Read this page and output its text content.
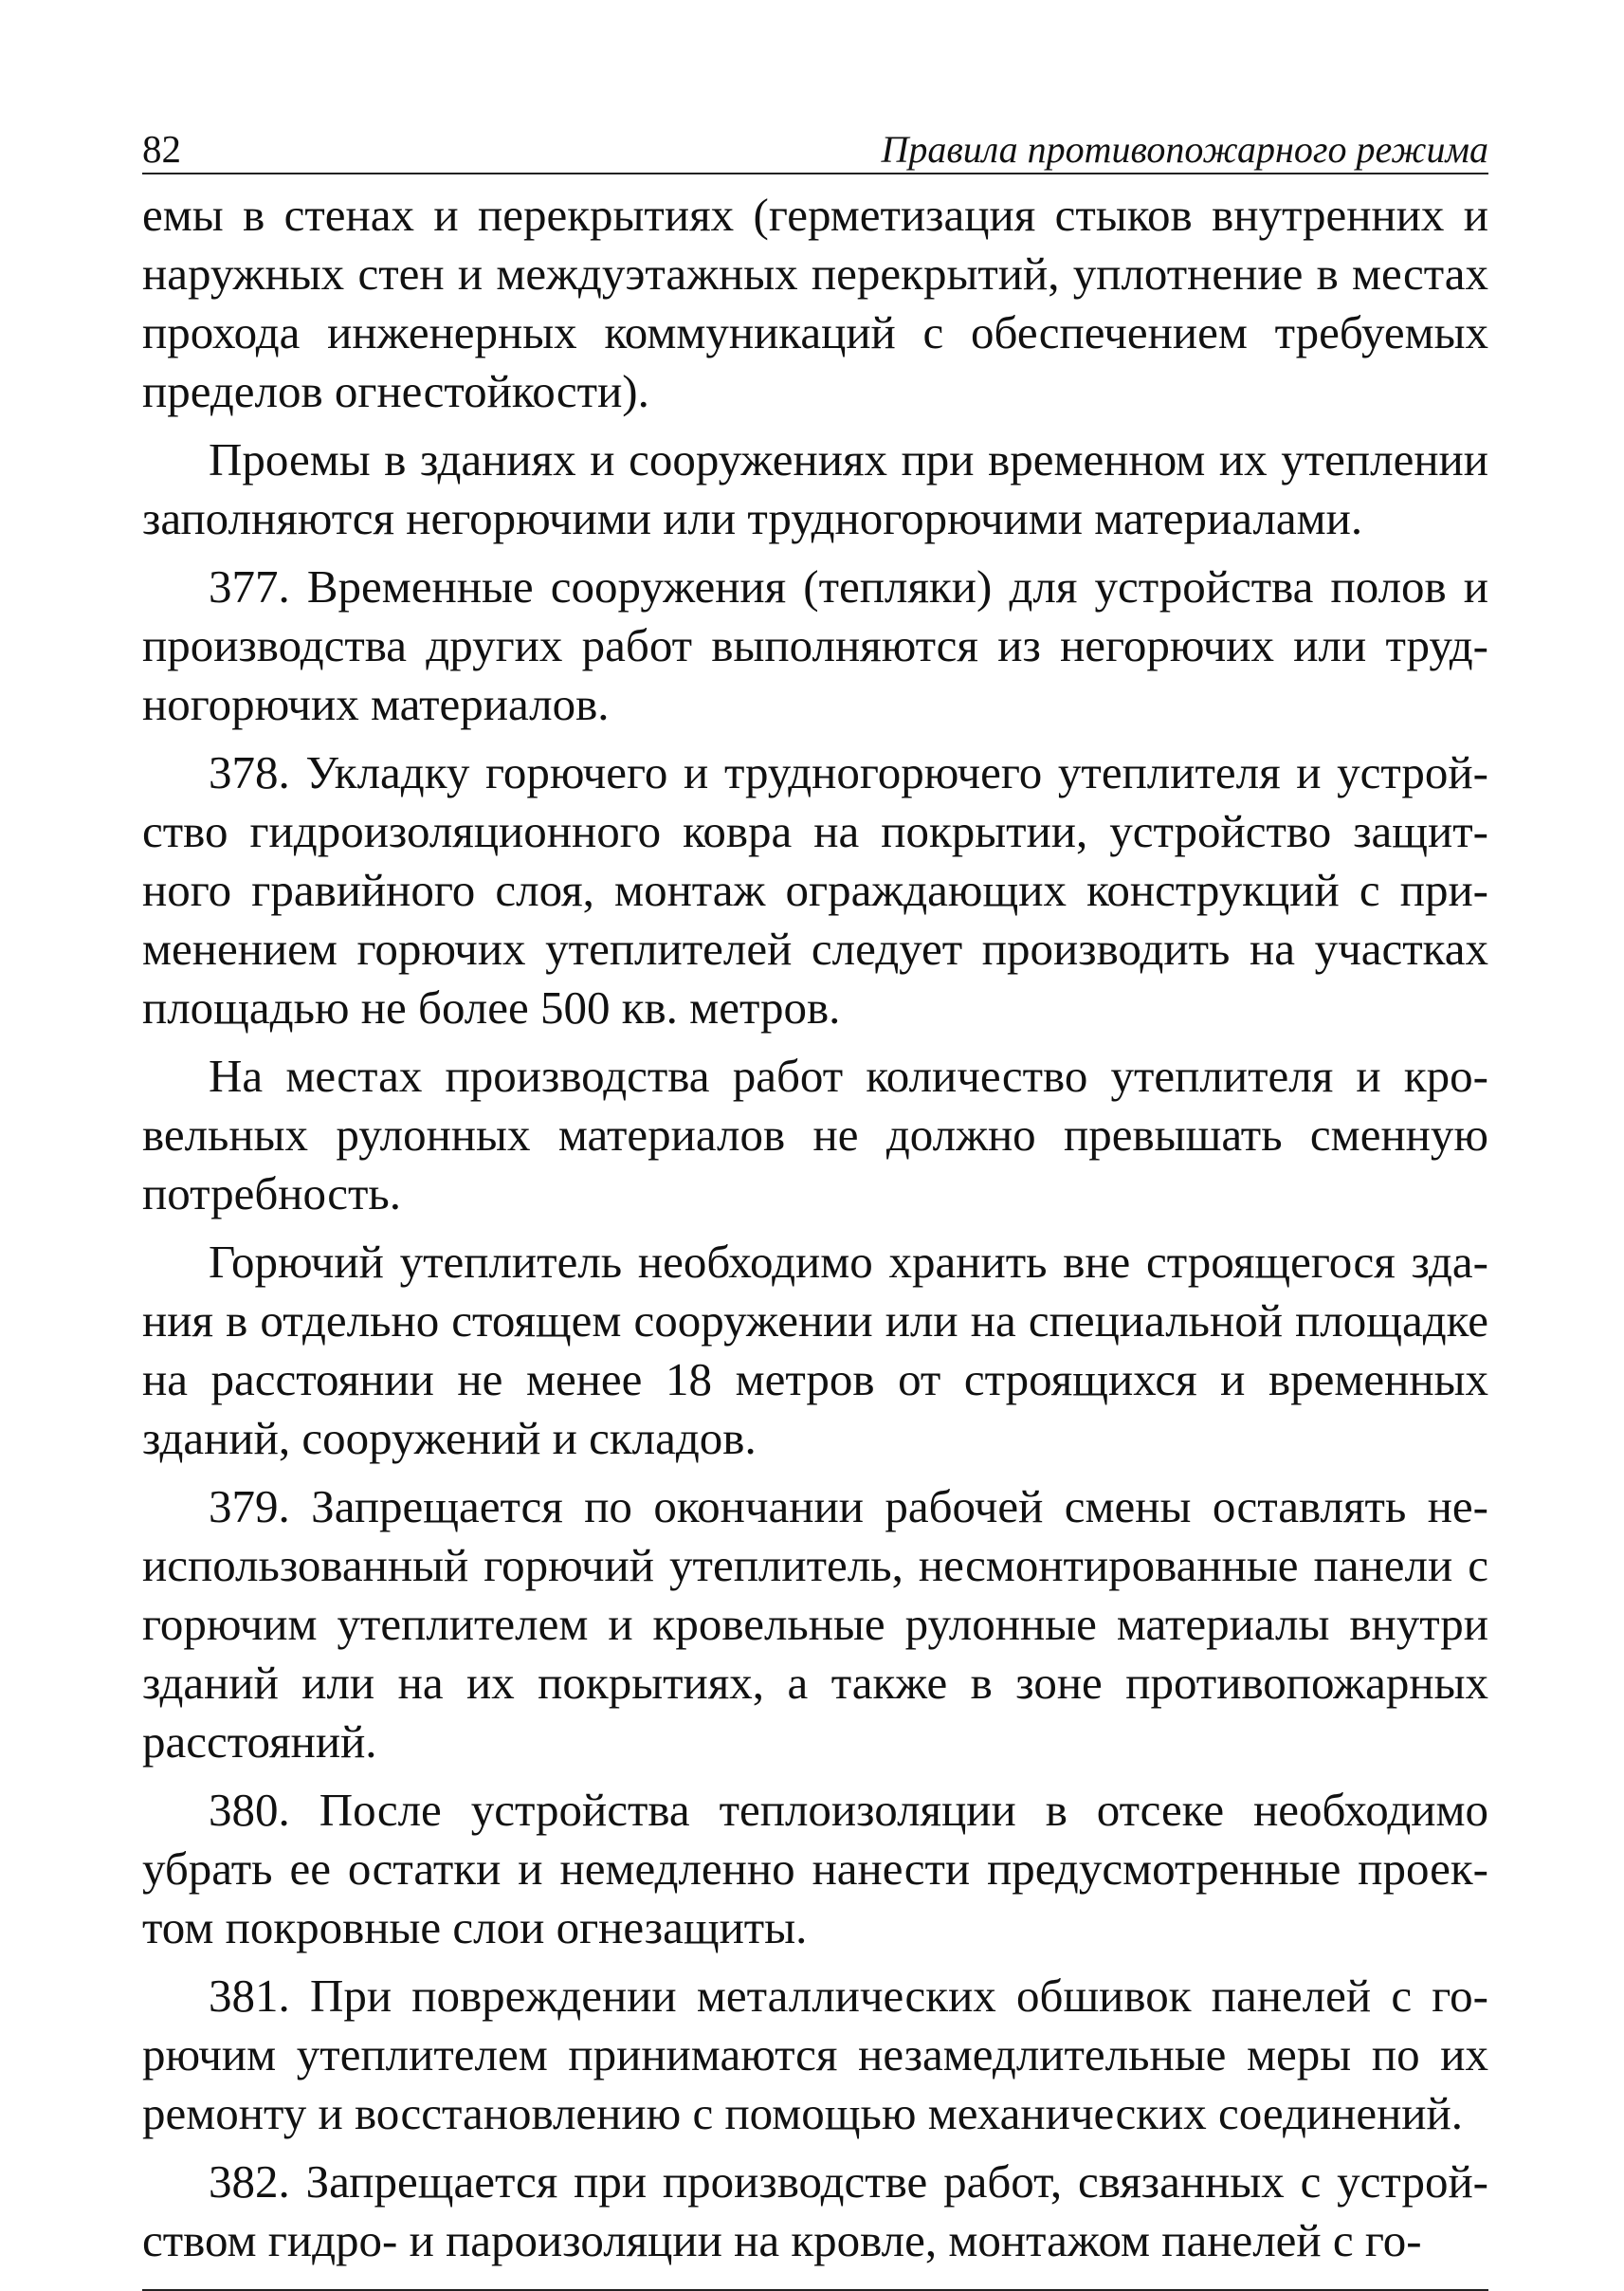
82	Правила противопожарного режима

емы в стенах и перекрытиях (герметизация стыков внутренних и наружных стен и междуэтажных перекрытий, уплотнение в местах прохода инженерных коммуникаций с обеспечением требуемых пределов огнестойкости).

Проемы в зданиях и сооружениях при временном их утеплении заполняются негорючими или трудногорючими материалами.

377. Временные сооружения (тепляки) для устройства полов и производства других работ выполняются из негорючих или трудногорючих материалов.

378. Укладку горючего и трудногорючего утеплителя и устройство гидроизоляционного ковра на покрытии, устройство защитного гравийного слоя, монтаж ограждающих конструкций с применением горючих утеплителей следует производить на участках площадью не более 500 кв. метров.

На местах производства работ количество утеплителя и кровельных рулонных материалов не должно превышать сменную потребность.

Горючий утеплитель необходимо хранить вне строящегося здания в отдельно стоящем сооружении или на специальной площадке на расстоянии не менее 18 метров от строящихся и временных зданий, сооружений и складов.

379. Запрещается по окончании рабочей смены оставлять неиспользованный горючий утеплитель, несмонтированные панели с горючим утеплителем и кровельные рулонные материалы внутри зданий или на их покрытиях, а также в зоне противопожарных расстояний.

380. После устройства теплоизоляции в отсеке необходимо убрать ее остатки и немедленно нанести предусмотренные проектом покровные слои огнезащиты.

381. При повреждении металлических обшивок панелей с горючим утеплителем принимаются незамедлительные меры по их ремонту и восстановлению с помощью механических соединений.

382. Запрещается при производстве работ, связанных с устройством гидро- и пароизоляции на кровле, монтажом панелей с го-
